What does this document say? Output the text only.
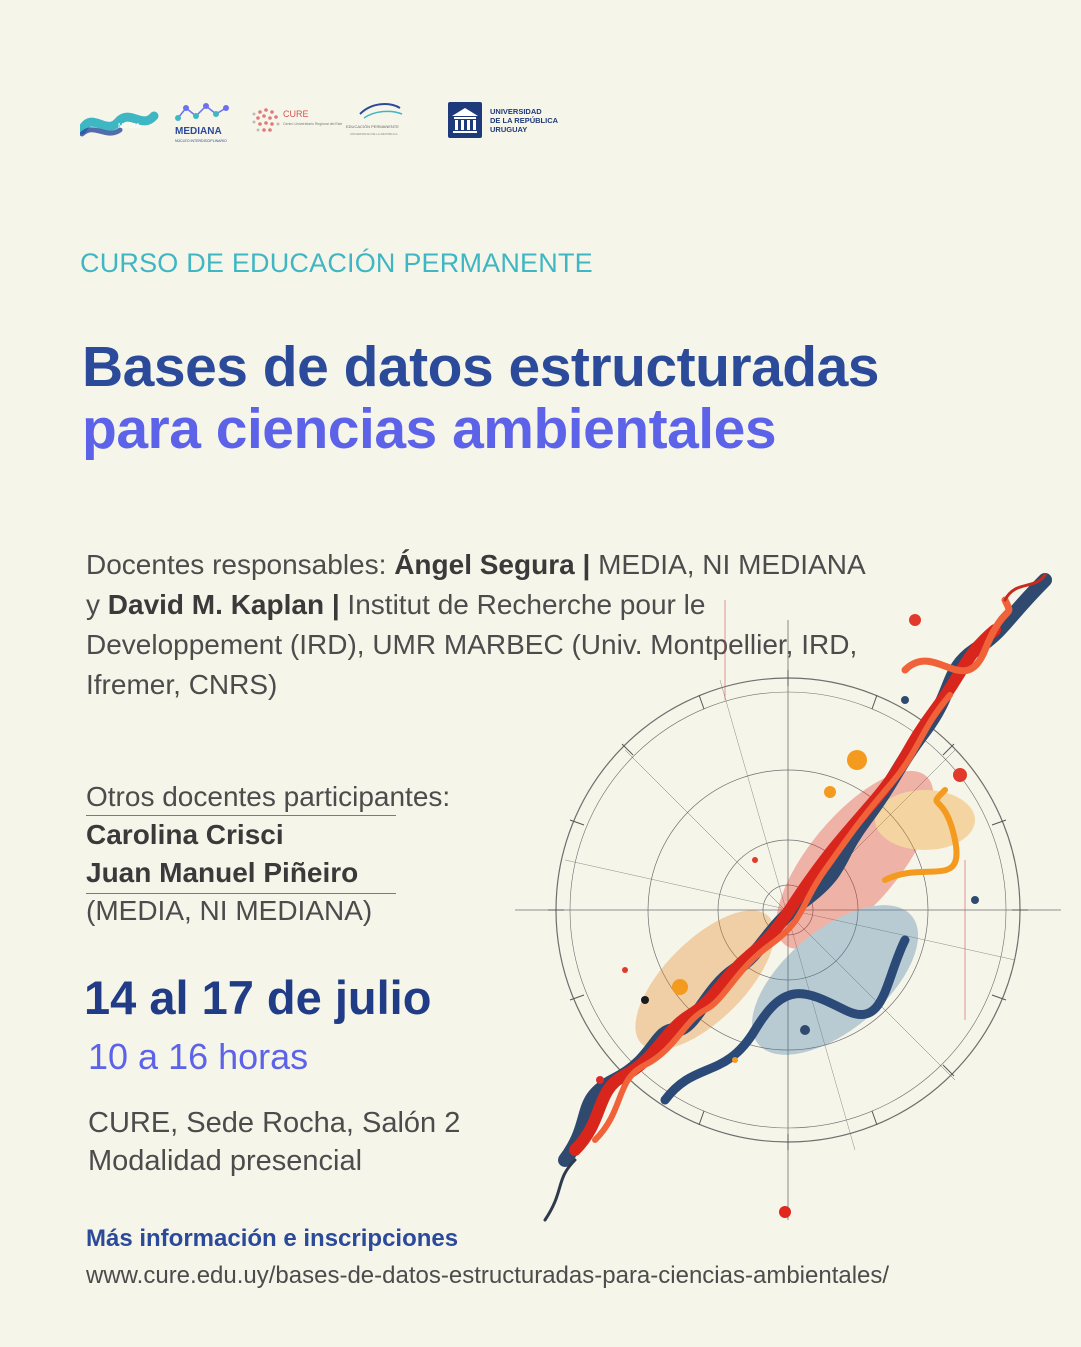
MEDIA	MEDIANA
NÚCLEO INTERDISCIPLINARIO
CURE
Centro Universitario Regional del Este EDUCACIÓN PERMANENTE
UNIVERSIDAD DE LA REPÚBLICA
UNIVERSIDAD
DE LA REPÚBLICA
URUGUAY
CURSO DE EDUCACIÓN PERMANENTE
Bases de datos estructuradas
para ciencias ambientales
Docentes responsables: Ángel Segura | MEDIA, NI MEDIANA y David M. Kaplan | Institut de Recherche pour le Developpement (IRD), UMR MARBEC (Univ. Montpellier, IRD, Ifremer, CNRS)
Otros docentes participantes:
Carolina Crisci
Juan Manuel Piñeiro
(MEDIA, NI MEDIANA)
14 al 17 de julio
10 a 16 horas
CURE, Sede Rocha, Salón 2
Modalidad presencial
Más información e inscripciones
www.cure.edu.uy/bases-de-datos-estructuradas-para-ciencias-ambientales/
